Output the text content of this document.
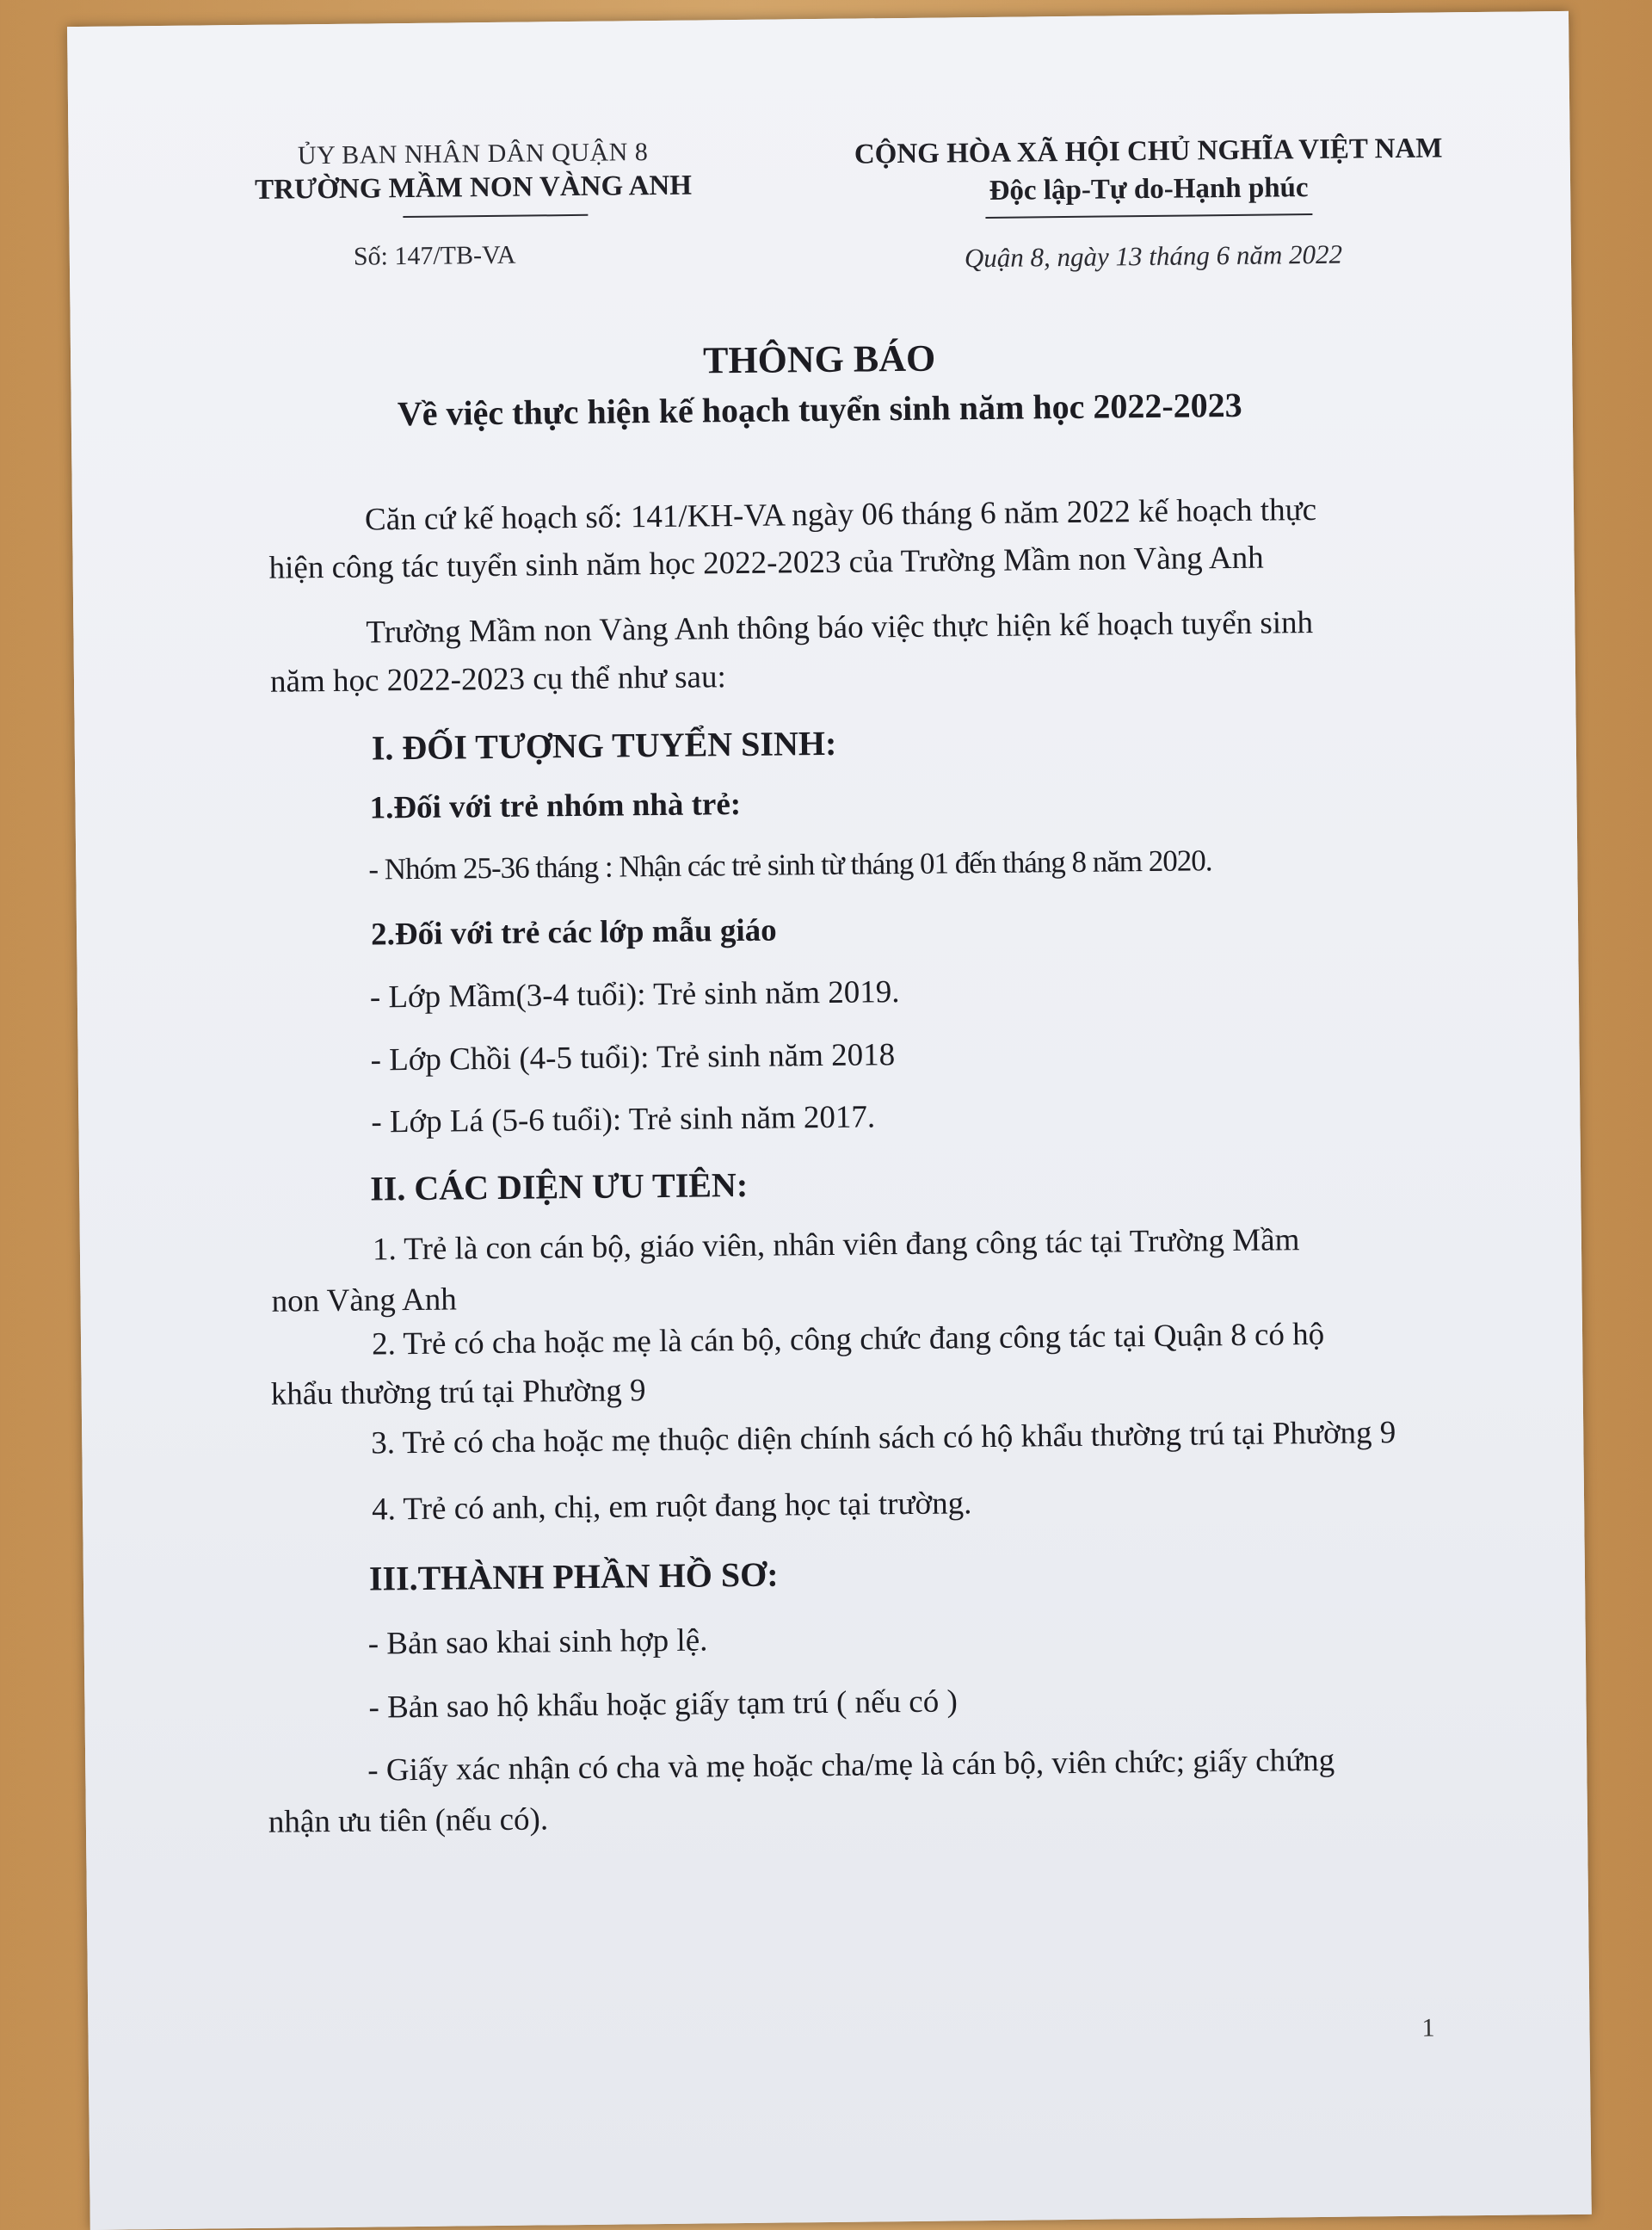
ỦY BAN NHÂN DÂN QUẬN 8
TRƯỜNG MẦM NON VÀNG ANH
Số: 147/TB-VA
CỘNG HÒA XÃ HỘI CHỦ NGHĨA VIỆT NAM
Độc lập-Tự do-Hạnh phúc
Quận 8, ngày 13 tháng 6 năm 2022
THÔNG BÁO
Về việc thực hiện kế hoạch tuyển sinh năm học 2022-2023
Căn cứ kế hoạch số: 141/KH-VA ngày 06 tháng 6 năm 2022 kế hoạch thực
hiện công tác tuyển sinh năm học 2022-2023 của Trường Mầm non Vàng Anh
Trường Mầm non Vàng Anh thông báo việc thực hiện kế hoạch tuyển sinh
năm học 2022-2023 cụ thể như sau:
I. ĐỐI TƯỢNG TUYỂN SINH:
1.Đối với trẻ nhóm nhà trẻ:
- Nhóm 25-36 tháng : Nhận các trẻ sinh từ tháng 01 đến tháng 8 năm 2020.
2.Đối với trẻ các lớp mẫu giáo
- Lớp Mầm(3-4 tuổi): Trẻ sinh năm 2019.
- Lớp Chồi (4-5 tuổi): Trẻ sinh năm 2018
- Lớp Lá (5-6 tuổi): Trẻ sinh năm 2017.
II. CÁC DIỆN ƯU TIÊN:
1. Trẻ là con cán bộ, giáo viên, nhân viên đang công tác tại Trường Mầm
non Vàng Anh
2. Trẻ có cha hoặc mẹ là cán bộ, công chức đang công tác tại Quận 8 có hộ
khẩu thường trú tại Phường 9
3. Trẻ có cha hoặc mẹ thuộc diện chính sách có hộ khẩu thường trú tại Phường 9
4. Trẻ có anh, chị, em ruột đang học tại trường.
III.THÀNH PHẦN HỒ SƠ:
- Bản sao khai sinh hợp lệ.
- Bản sao hộ khẩu hoặc giấy tạm trú ( nếu có )
- Giấy xác nhận có cha và mẹ hoặc cha/mẹ là cán bộ, viên chức; giấy chứng
nhận ưu tiên (nếu có).
1
